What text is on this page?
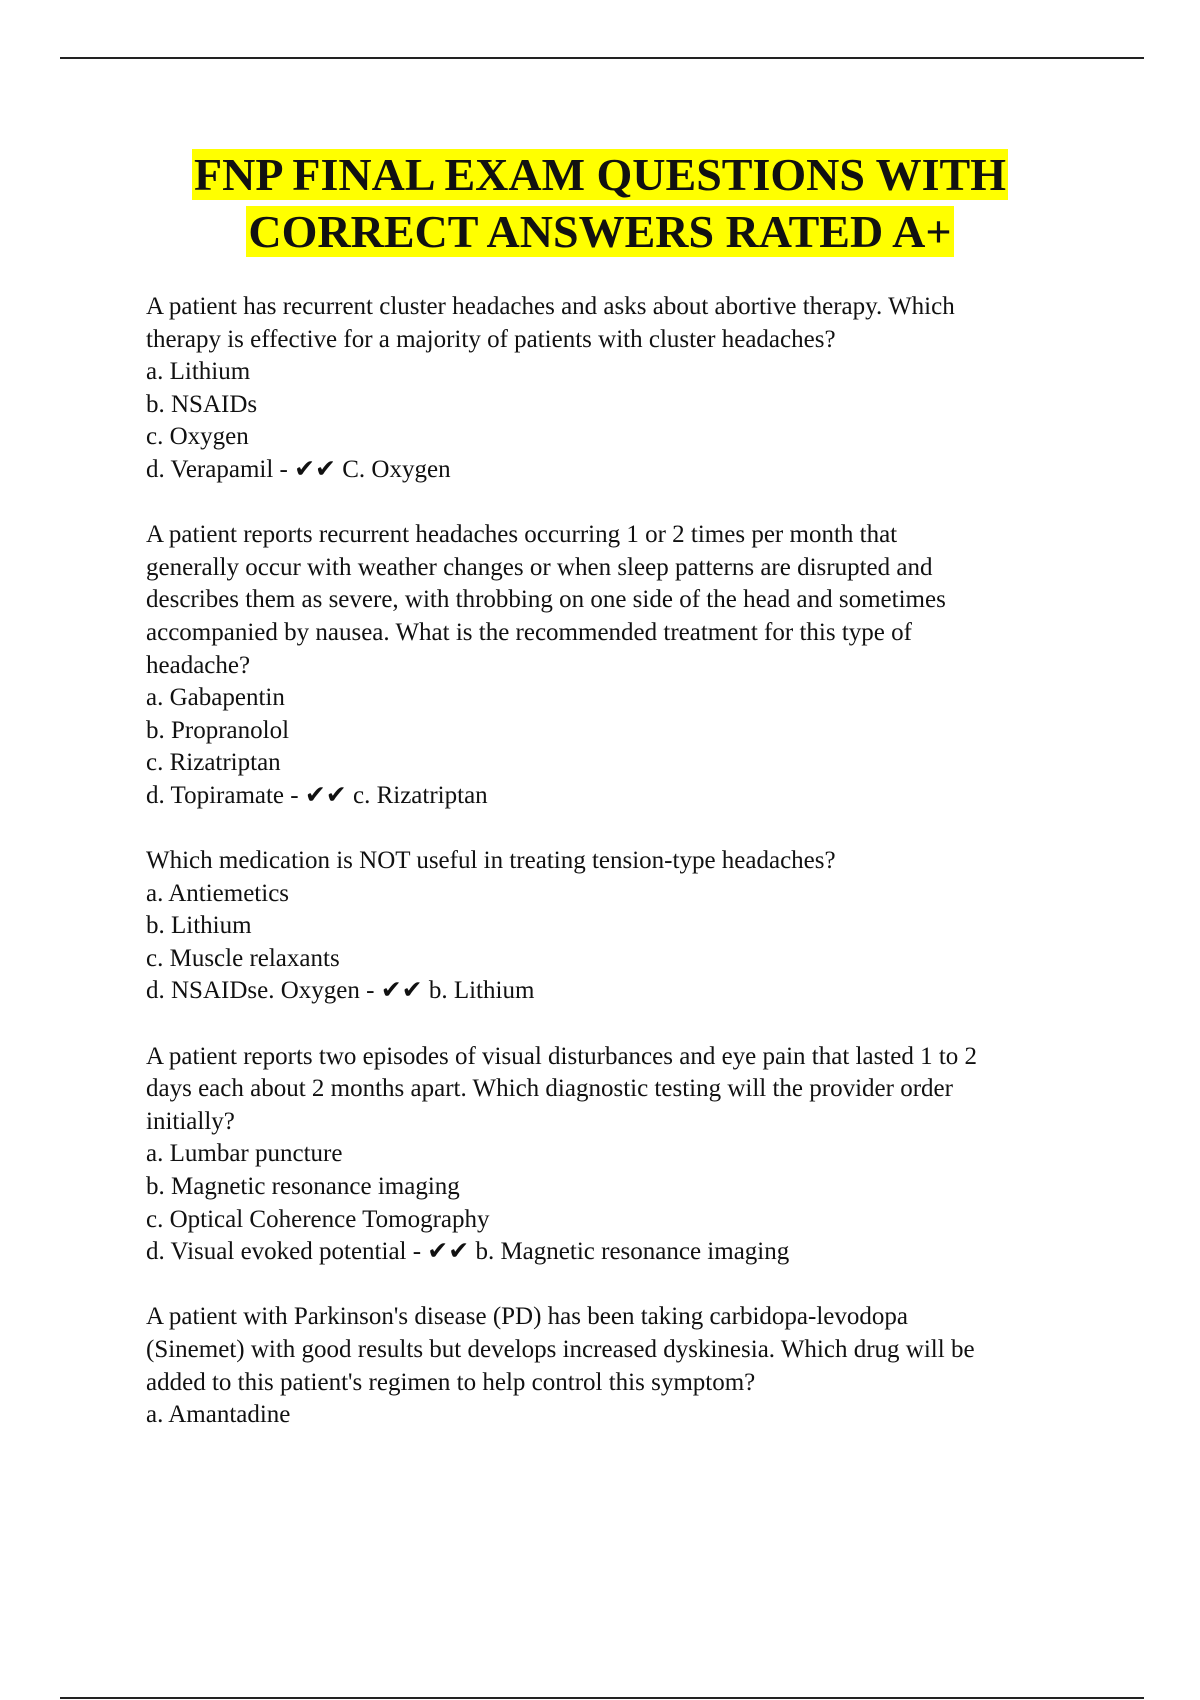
FNP FINAL EXAM QUESTIONS WITH
CORRECT ANSWERS RATED A+
A patient has recurrent cluster headaches and asks about abortive therapy. Which
therapy is effective for a majority of patients with cluster headaches?
a. Lithium
b. NSAIDs
c. Oxygen
d. Verapamil - ✔✔ C. Oxygen
A patient reports recurrent headaches occurring 1 or 2 times per month that
generally occur with weather changes or when sleep patterns are disrupted and
describes them as severe, with throbbing on one side of the head and sometimes
accompanied by nausea. What is the recommended treatment for this type of
headache?
a. Gabapentin
b. Propranolol
c. Rizatriptan
d. Topiramate - ✔✔ c. Rizatriptan
Which medication is NOT useful in treating tension-type headaches?
a. Antiemetics
b. Lithium
c. Muscle relaxants
d. NSAIDse. Oxygen - ✔✔ b. Lithium
A patient reports two episodes of visual disturbances and eye pain that lasted 1 to 2
days each about 2 months apart. Which diagnostic testing will the provider order
initially?
a. Lumbar puncture
b. Magnetic resonance imaging
c. Optical Coherence Tomography
d. Visual evoked potential - ✔✔ b. Magnetic resonance imaging
A patient with Parkinson's disease (PD) has been taking carbidopa-levodopa
(Sinemet) with good results but develops increased dyskinesia. Which drug will be
added to this patient's regimen to help control this symptom?
a. Amantadine
